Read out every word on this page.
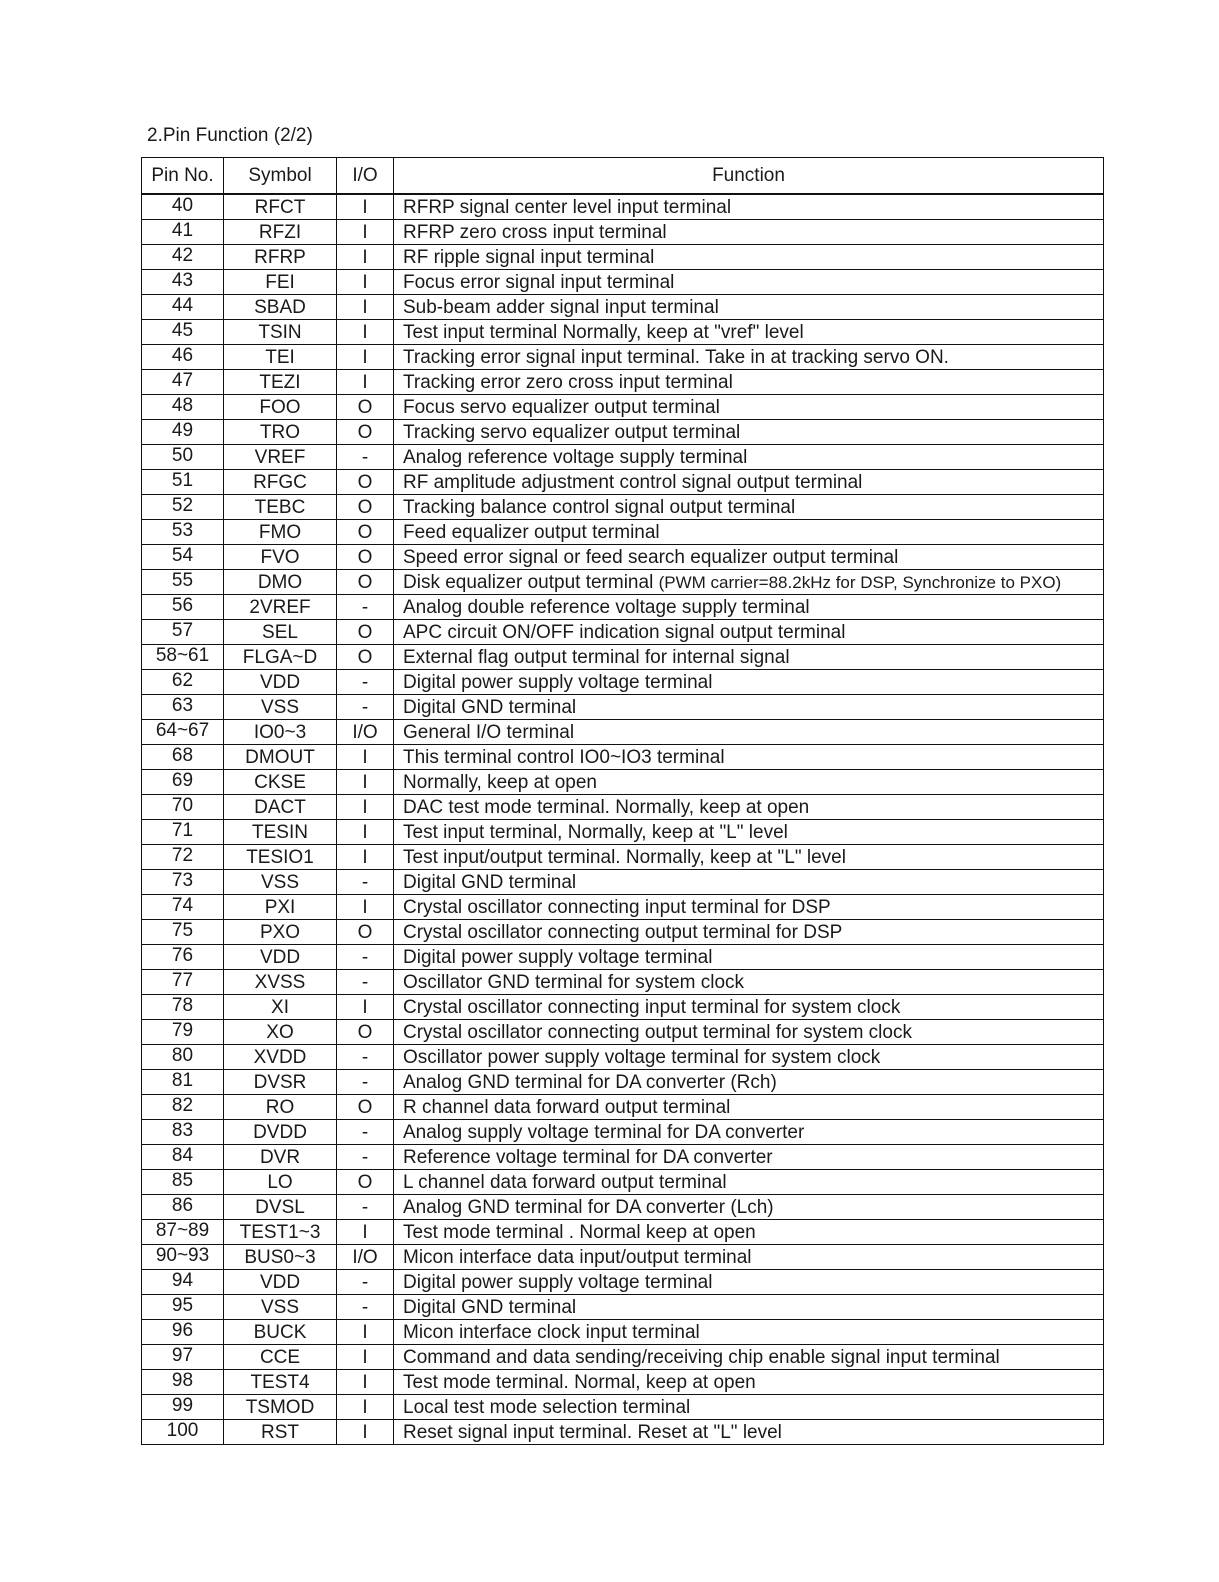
2.Pin Function (2/2)
Pin No.	Symbol	I/O	Function
40	RFCT	I	RFRP signal center level input terminal
41	RFZI	I	RFRP zero cross input terminal
42	RFRP	I	RF ripple signal input terminal
43	FEI	I	Focus error signal input terminal
44	SBAD	I	Sub-beam adder signal input terminal
45	TSIN	I	Test input terminal Normally, keep at "vref" level
46	TEI	I	Tracking error signal input terminal. Take in at tracking servo ON.
47	TEZI	I	Tracking error zero cross input terminal
48	FOO	O	Focus servo equalizer output terminal
49	TRO	O	Tracking servo equalizer output terminal
50	VREF	-	Analog reference voltage supply terminal
51	RFGC	O	RF amplitude adjustment control signal output terminal
52	TEBC	O	Tracking balance control signal output terminal
53	FMO	O	Feed equalizer output terminal
54	FVO	O	Speed error signal or feed search equalizer output terminal
55	DMO	O	Disk equalizer output terminal (PWM carrier=88.2kHz for DSP, Synchronize to PXO)
56	2VREF	-	Analog double reference voltage supply terminal
57	SEL	O	APC circuit ON/OFF indication signal output terminal
58~61	FLGA~D	O	External flag output terminal for internal signal
62	VDD	-	Digital power supply voltage terminal
63	VSS	-	Digital GND terminal
64~67	IO0~3	I/O	General I/O terminal
68	DMOUT	I	This terminal control IO0~IO3 terminal
69	CKSE	I	Normally, keep at open
70	DACT	I	DAC test mode terminal. Normally, keep at open
71	TESIN	I	Test input terminal, Normally, keep at "L" level
72	TESIO1	I	Test input/output terminal. Normally, keep at "L" level
73	VSS	-	Digital GND terminal
74	PXI	I	Crystal oscillator connecting input terminal for DSP
75	PXO	O	Crystal oscillator connecting output terminal for DSP
76	VDD	-	Digital power supply voltage terminal
77	XVSS	-	Oscillator GND terminal for system clock
78	XI	I	Crystal oscillator connecting input terminal for system clock
79	XO	O	Crystal oscillator connecting output terminal for system clock
80	XVDD	-	Oscillator power supply voltage terminal for system clock
81	DVSR	-	Analog GND terminal for DA converter (Rch)
82	RO	O	R channel data forward output terminal
83	DVDD	-	Analog supply voltage terminal for DA converter
84	DVR	-	Reference voltage terminal for DA converter
85	LO	O	L channel data forward output terminal
86	DVSL	-	Analog GND terminal for DA converter (Lch)
87~89	TEST1~3	I	Test mode terminal . Normal keep at open
90~93	BUS0~3	I/O	Micon interface data input/output terminal
94	VDD	-	Digital power supply voltage terminal
95	VSS	-	Digital GND terminal
96	BUCK	I	Micon interface clock input terminal
97	CCE	I	Command and data sending/receiving chip enable signal input terminal
98	TEST4	I	Test mode terminal. Normal, keep at open
99	TSMOD	I	Local test mode selection terminal
100	RST	I	Reset signal input terminal. Reset at "L" level
